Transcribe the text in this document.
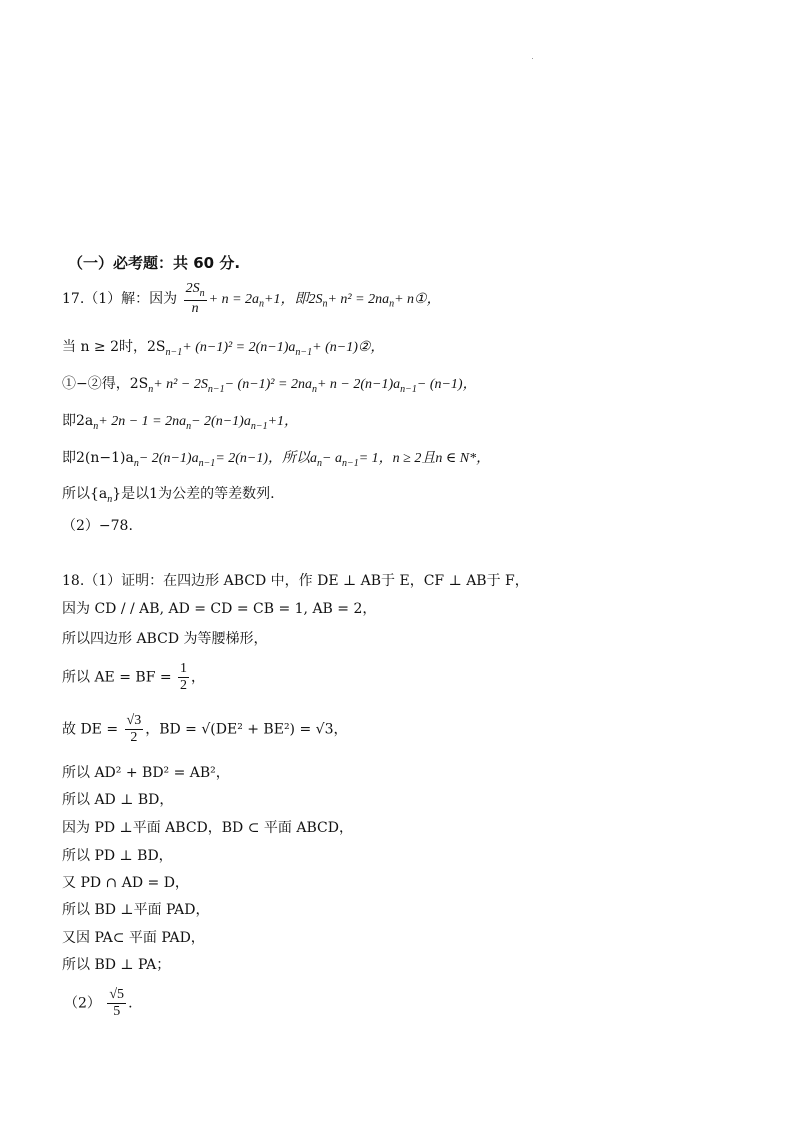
（一）必考题：共 60 分.
17.（1）解：因为 $\frac{2S_n}{n} + n = 2a_n+1$，即$2S_n+ n^2 = 2na_n+$ n①，
当 n ≥ 2时，$2S_{n-1}+ (n-1)^2 = 2(n-1)a_{n-1}+$ (n−1)②，
①−②得，$2S_n+ n^2 - 2S_{n-1}- (n-1)^2 = 2na_n+ n - 2(n-1)a_{n-1}- (n-1)$，
即$2a_n+ 2n - 1 = 2na_n- 2(n-1)a_{n-1}+1$，
即$2(n-1)a_n- 2(n-1)a_{n-1}= 2(n-1)$，所以$a_n- a_{n-1}= 1$，n ≥ 2且n ∈ N*，
所以$\{a_n\}$是以1为公差的等差数列.
（2）−78.
18.（1）证明：在四边形 ABCD 中，作 DE ⊥ AB于 E，CF ⊥ AB于 F，
因为 CD / / AB, AD = CD = CB = 1, AB = 2，
所以四边形 ABCD 为等腰梯形，
所以 AE = BF = $\frac{1}{2}$ ，
故 DE = $\frac{√3}{2}$ ，BD = √(DE² + BE²) = √3，
所以 AD² + BD² = AB²，
所以 AD ⊥ BD，
因为 PD ⊥平面 ABCD，BD ⊂ 平面 ABCD，
所以 PD ⊥ BD，
又 PD ∩ AD = D，
所以 BD ⊥平面 PAD，
又因 PA⊂ 平面 PAD，
所以 BD ⊥ PA；
$(2) \frac{√5}{5}$ .
